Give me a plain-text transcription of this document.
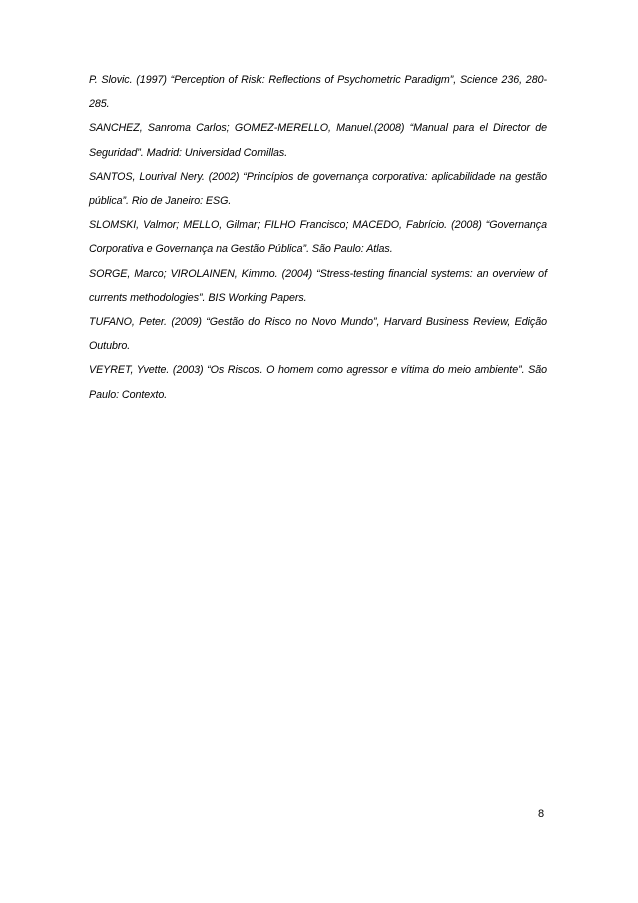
P. Slovic. (1997) “Perception of Risk: Reflections of Psychometric Paradigm”, Science 236, 280-285.

SANCHEZ, Sanroma Carlos; GOMEZ-MERELLO, Manuel.(2008) “Manual para el Director de Seguridad”. Madrid: Universidad Comillas.

SANTOS, Lourival Nery. (2002) “Princípios de governança corporativa: aplicabilidade na gestão pública”. Rio de Janeiro: ESG.

SLOMSKI, Valmor; MELLO, Gilmar; FILHO Francisco; MACEDO, Fabrício. (2008) “Governança Corporativa e Governança na Gestão Pública”. São Paulo: Atlas.

SORGE, Marco; VIROLAINEN, Kimmo. (2004) “Stress-testing financial systems: an overview of currents methodologies”. BIS Working Papers.

TUFANO, Peter. (2009) “Gestão do Risco no Novo Mundo”, Harvard Business Review, Edição Outubro.

VEYRET, Yvette. (2003) “Os Riscos. O homem como agressor e vítima do meio ambiente”. São Paulo: Contexto.

8
